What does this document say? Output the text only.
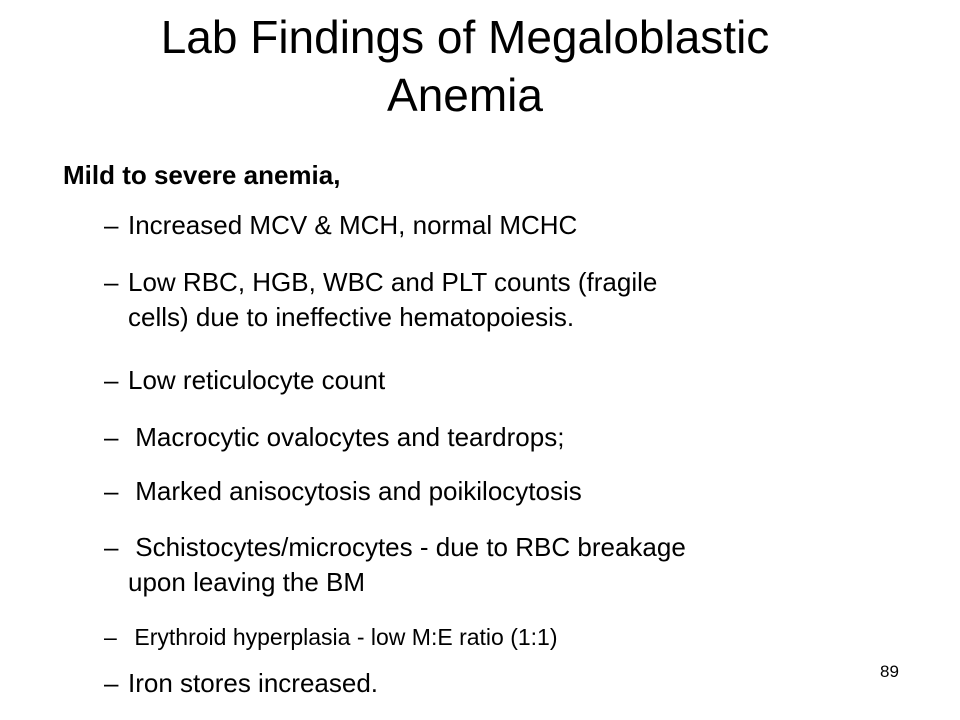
Lab Findings of Megaloblastic
Anemia
Mild to severe anemia,
– Increased MCV & MCH, normal MCHC
– Low RBC, HGB, WBC and PLT counts (fragile
cells) due to ineffective hematopoiesis.
– Low reticulocyte count
– Macrocytic ovalocytes and teardrops;
– Marked anisocytosis and poikilocytosis
– Schistocytes/microcytes - due to RBC breakage
upon leaving the BM
– Erythroid hyperplasia - low M:E ratio (1:1)
– Iron stores increased.	89
